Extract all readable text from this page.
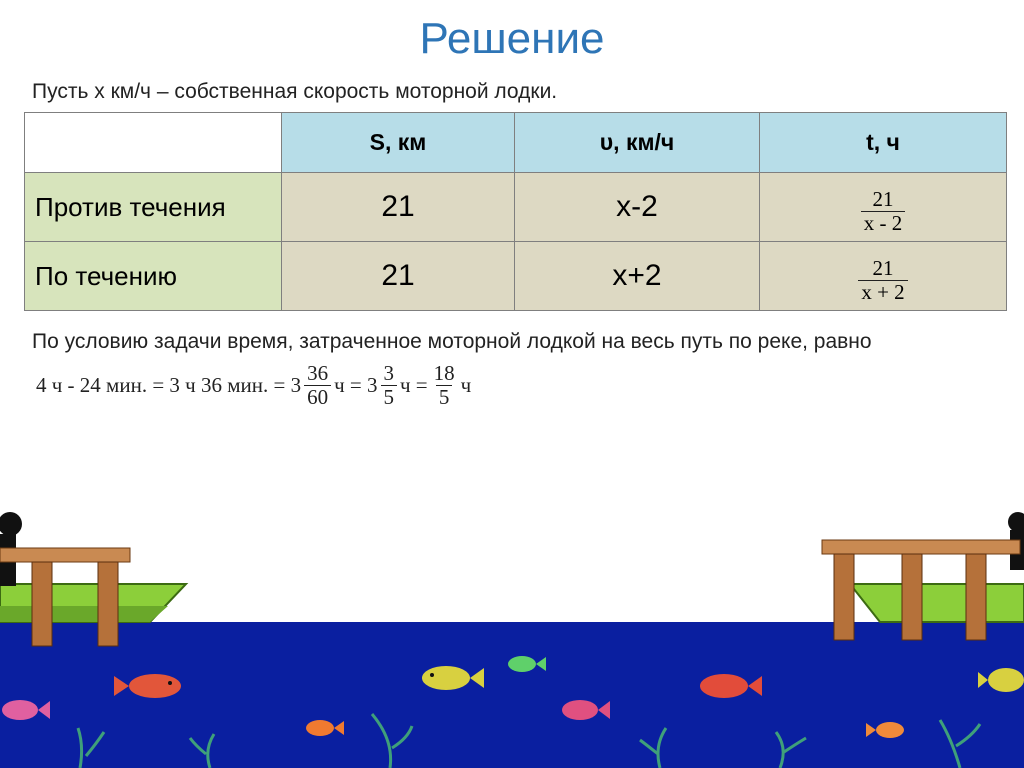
Решение
Пусть х км/ч – собственная скорость моторной лодки.
	S, км	υ, км/ч	t, ч
Против течения	21	х-2	$\frac{21}{x - 2}$

По течению	21	х+2	$\frac{21}{x + 2}$
По условию задачи время, затраченное моторной лодкой на весь путь по реке, равно
4 ч - 24 мин. = 3 ч 36 мин. = $3 \frac{36}{60}$ $ч = 3 \frac{3}{5}$ $ч = \frac{18}{5}$ ч
